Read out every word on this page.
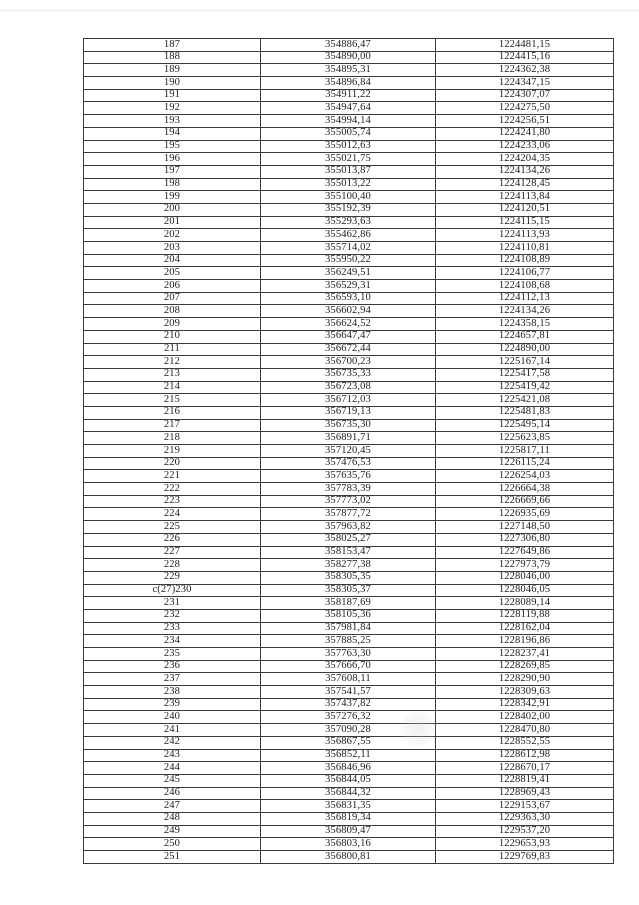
187	354886,47	1224481,15
188	354890,00	1224415,16
189	354895,31	1224362,38
190	354896,84	1224347,15
191	354911,22	1224307,07
192	354947,64	1224275,50
193	354994,14	1224256,51
194	355005,74	1224241,80
195	355012,63	1224233,06
196	355021,75	1224204,35
197	355013,87	1224134,26
198	355013,22	1224128,45
199	355100,40	1224113,84
200	355192,39	1224120,51
201	355293,63	1224115,15
202	355462,86	1224113,93
203	355714,02	1224110,81
204	355950,22	1224108,89
205	356249,51	1224106,77
206	356529,31	1224108,68
207	356593,10	1224112,13
208	356602,94	1224134,26
209	356624,52	1224358,15
210	356647,47	1224657,81
211	356672,44	1224890,00
212	356700,23	1225167,14
213	356735,33	1225417,58
214	356723,08	1225419,42
215	356712,03	1225421,08
216	356719,13	1225481,83
217	356735,30	1225495,14
218	356891,71	1225623,85
219	357120,45	1225817,11
220	357476,53	1226115,24
221	357635,76	1226254,03
222	357783,39	1226664,38
223	357773,02	1226669,66
224	357877,72	1226935,69
225	357963,82	1227148,50
226	358025,27	1227306,80
227	358153,47	1227649,86
228	358277,38	1227973,79
229	358305,35	1228046,00
c(27)230	358305,37	1228046,05
231	358187,69	1228089,14
232	358105,36	1228119,88
233	357981,84	1228162,04
234	357885,25	1228196,86
235	357763,30	1228237,41
236	357666,70	1228269,85
237	357608,11	1228290,90
238	357541,57	1228309,63
239	357437,82	1228342,91
240	357276,32	1228402,00
241	357090,28	1228470,80
242	356867,55	1228552,55
243	356852,11	1228612,98
244	356846,96	1228670,17
245	356844,05	1228819,41
246	356844,32	1228969,43
247	356831,35	1229153,67
248	356819,34	1229363,30
249	356809,47	1229537,20
250	356803,16	1229653,93
251	356800,81	1229769,83
